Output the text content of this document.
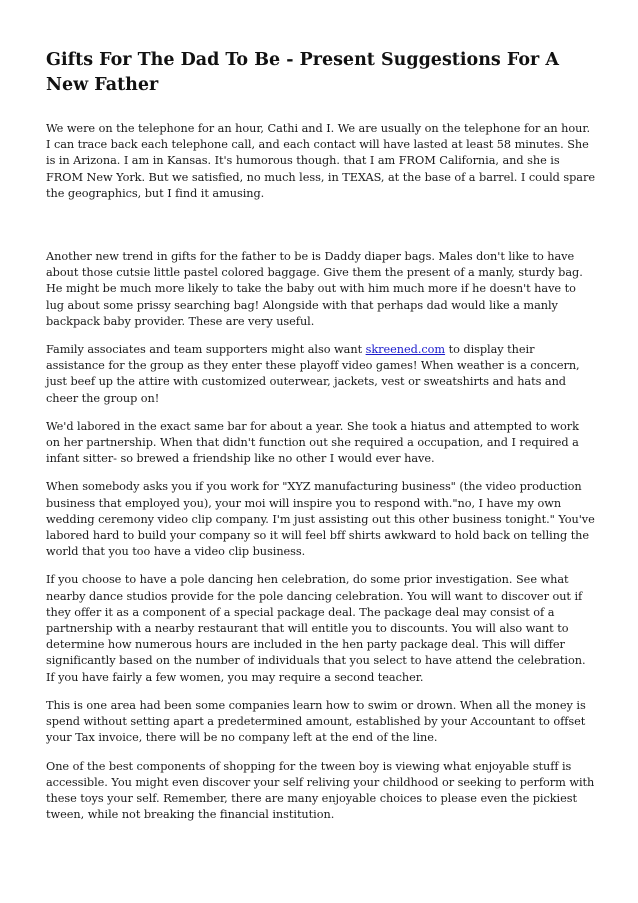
Gifts For The Dad To Be - Present Suggestions For A New Father

We were on the telephone for an hour, Cathi and I. We are usually on the telephone for an hour. I can trace back each telephone call, and each contact will have lasted at least 58 minutes. She is in Arizona. I am in Kansas. It's humorous though. that I am FROM California, and she is FROM New York. But we satisfied, no much less, in TEXAS, at the base of a barrel. I could spare the geographics, but I find it amusing.

Another new trend in gifts for the father to be is Daddy diaper bags. Males don't like to have about those cutsie little pastel colored baggage. Give them the present of a manly, sturdy bag. He might be much more likely to take the baby out with him much more if he doesn't have to lug about some prissy searching bag! Alongside with that perhaps dad would like a manly backpack baby provider. These are very useful.

Family associates and team supporters might also want skreened.com to display their assistance for the group as they enter these playoff video games! When weather is a concern, just beef up the attire with customized outerwear, jackets, vest or sweatshirts and hats and cheer the group on!

We'd labored in the exact same bar for about a year. She took a hiatus and attempted to work on her partnership. When that didn't function out she required a occupation, and I required a infant sitter- so brewed a friendship like no other I would ever have.

When somebody asks you if you work for "XYZ manufacturing business" (the video production business that employed you), your moi will inspire you to respond with."no, I have my own wedding ceremony video clip company. I'm just assisting out this other business tonight." You've labored hard to build your company so it will feel bff shirts awkward to hold back on telling the world that you too have a video clip business.

If you choose to have a pole dancing hen celebration, do some prior investigation. See what nearby dance studios provide for the pole dancing celebration. You will want to discover out if they offer it as a component of a special package deal. The package deal may consist of a partnership with a nearby restaurant that will entitle you to discounts. You will also want to determine how numerous hours are included in the hen party package deal. This will differ significantly based on the number of individuals that you select to have attend the celebration. If you have fairly a few women, you may require a second teacher.

This is one area had been some companies learn how to swim or drown. When all the money is spend without setting apart a predetermined amount, established by your Accountant to offset your Tax invoice, there will be no company left at the end of the line.

One of the best components of shopping for the tween boy is viewing what enjoyable stuff is accessible. You might even discover your self reliving your childhood or seeking to perform with these toys your self. Remember, there are many enjoyable choices to please even the pickiest tween, while not breaking the financial institution.
